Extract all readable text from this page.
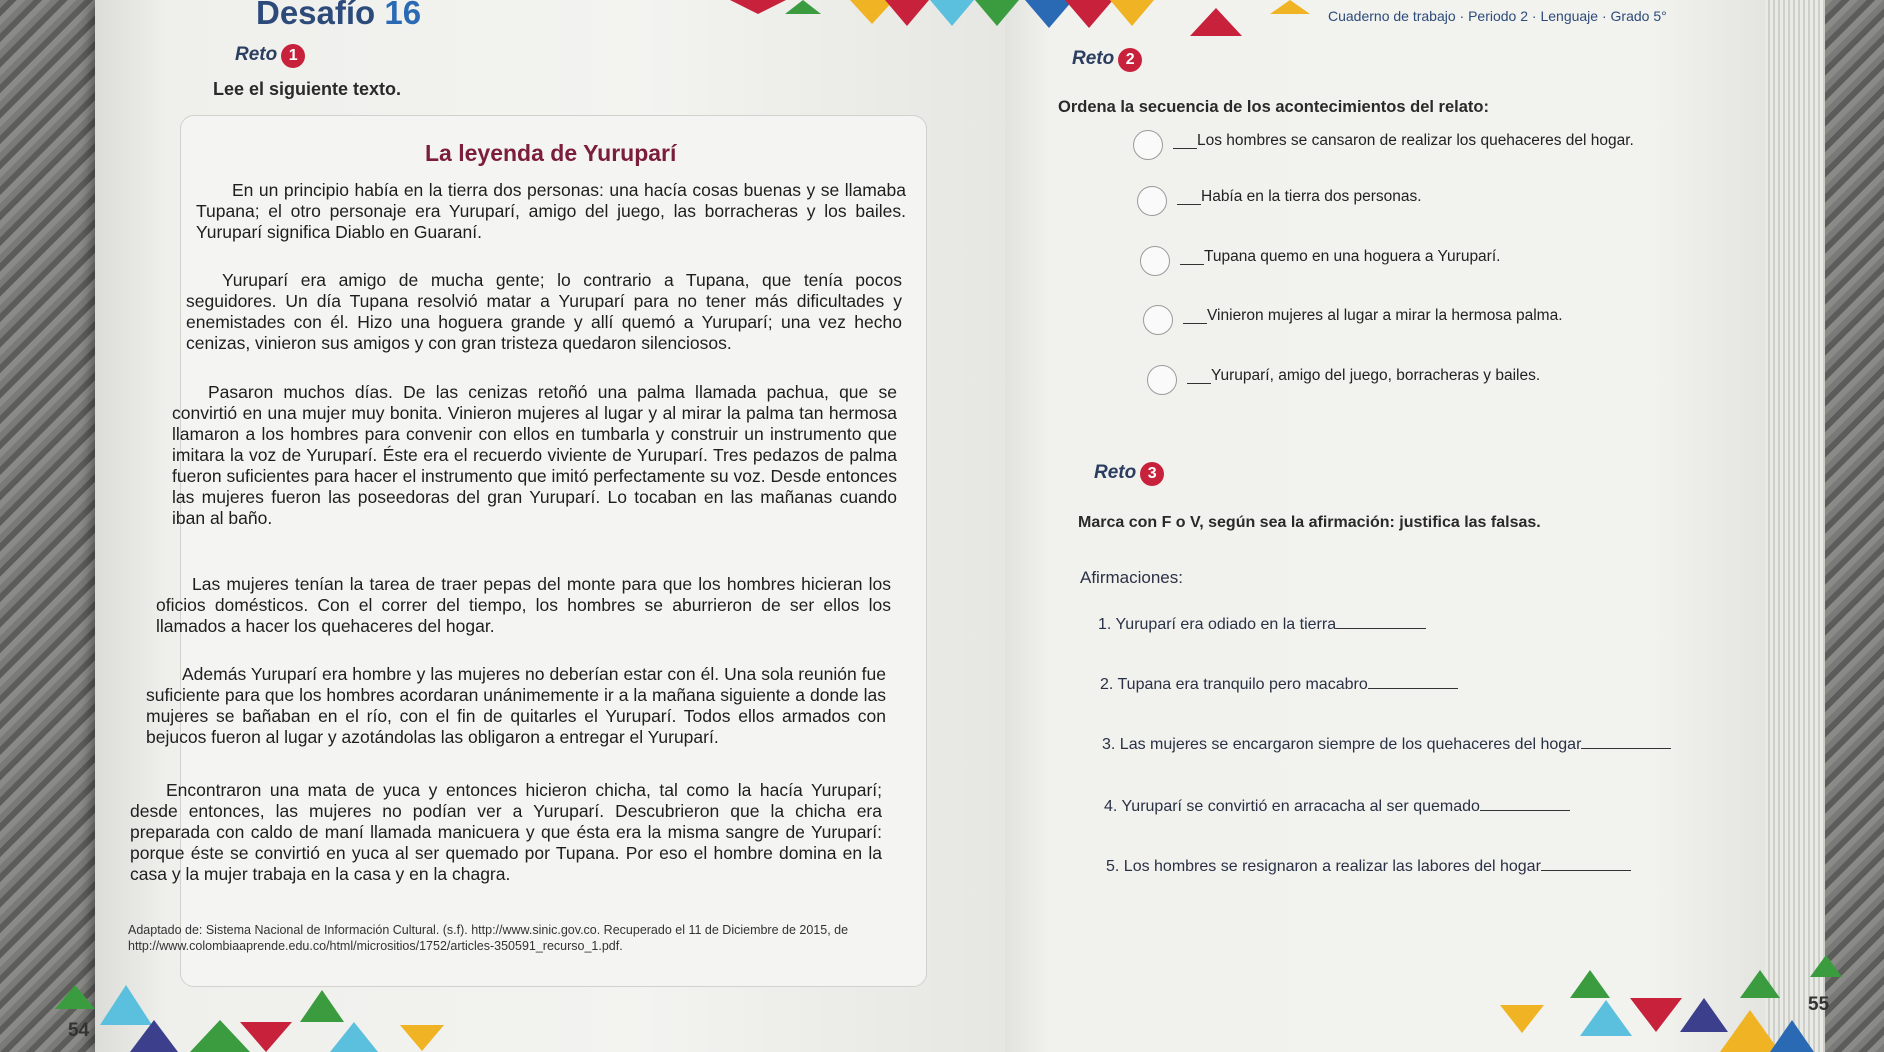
Desafío 16	Cuaderno de trabajo · Periodo 2 · Lenguaje · Grado 5°
Reto 1
Lee el siguiente texto.
La leyenda de Yuruparí

En un principio había en la tierra dos personas: una hacía cosas buenas y se llamaba Tupana; el otro personaje era Yuruparí, amigo del juego, las borracheras y los bailes. Yuruparí significa Diablo en Guaraní.

Yuruparí era amigo de mucha gente; lo contrario a Tupana, que tenía pocos seguidores. Un día Tupana resolvió matar a Yuruparí para no tener más dificultades y enemistades con él. Hizo una hoguera grande y allí quemó a Yuruparí; una vez hecho cenizas, vinieron sus amigos y con gran tristeza quedaron silenciosos.

Pasaron muchos días. De las cenizas retoñó una palma llamada pachua, que se convirtió en una mujer muy bonita. Vinieron mujeres al lugar y al mirar la palma tan hermosa llamaron a los hombres para convenir con ellos en tumbarla y construir un instrumento que imitara la voz de Yuruparí. Éste era el recuerdo viviente de Yuruparí. Tres pedazos de palma fueron suficientes para hacer el instrumento que imitó perfectamente su voz. Desde entonces las mujeres fueron las poseedoras del gran Yuruparí. Lo tocaban en las mañanas cuando iban al baño.

Las mujeres tenían la tarea de traer pepas del monte para que los hombres hicieran los oficios domésticos. Con el correr del tiempo, los hombres se aburrieron de ser ellos los llamados a hacer los quehaceres del hogar.

Además Yuruparí era hombre y las mujeres no deberían estar con él. Una sola reunión fue suficiente para que los hombres acordaran unánimemente ir a la mañana siguiente a donde las mujeres se bañaban en el río, con el fin de quitarles el Yuruparí. Todos ellos armados con bejucos fueron al lugar y azotándolas las obligaron a entregar el Yuruparí.

Encontraron una mata de yuca y entonces hicieron chicha, tal como la hacía Yuruparí; desde entonces, las mujeres no podían ver a Yuruparí. Descubrieron que la chicha era preparada con caldo de maní llamada manicuera y que ésta era la misma sangre de Yuruparí: porque éste se convirtió en yuca al ser quemado por Tupana. Por eso el hombre domina en la casa y la mujer trabaja en la casa y en la chagra.

Adaptado de: Sistema Nacional de Información Cultural. (s.f). http://www.sinic.gov.co. Recuperado el 11 de Diciembre de 2015, de http://www.colombiaaprende.edu.co/html/micrositios/1752/articles-350591_recurso_1.pdf.
54
55
Reto 2
Ordena la secuencia de los acontecimientos del relato:
Los hombres se cansaron de realizar los quehaceres del hogar.
Había en la tierra dos personas.
Tupana quemo en una hoguera a Yuruparí.
Vinieron mujeres al lugar a mirar la hermosa palma.
Yuruparí, amigo del juego, borracheras y bailes.
Reto 3
Marca con F o V, según sea la afirmación: justifica las falsas.
Afirmaciones:
1. Yuruparí era odiado en la tierra
2. Tupana era tranquilo pero macabro
3. Las mujeres se encargaron siempre de los quehaceres del hogar
4. Yuruparí se convirtió en arracacha al ser quemado
5. Los hombres se resignaron a realizar las labores del hogar
